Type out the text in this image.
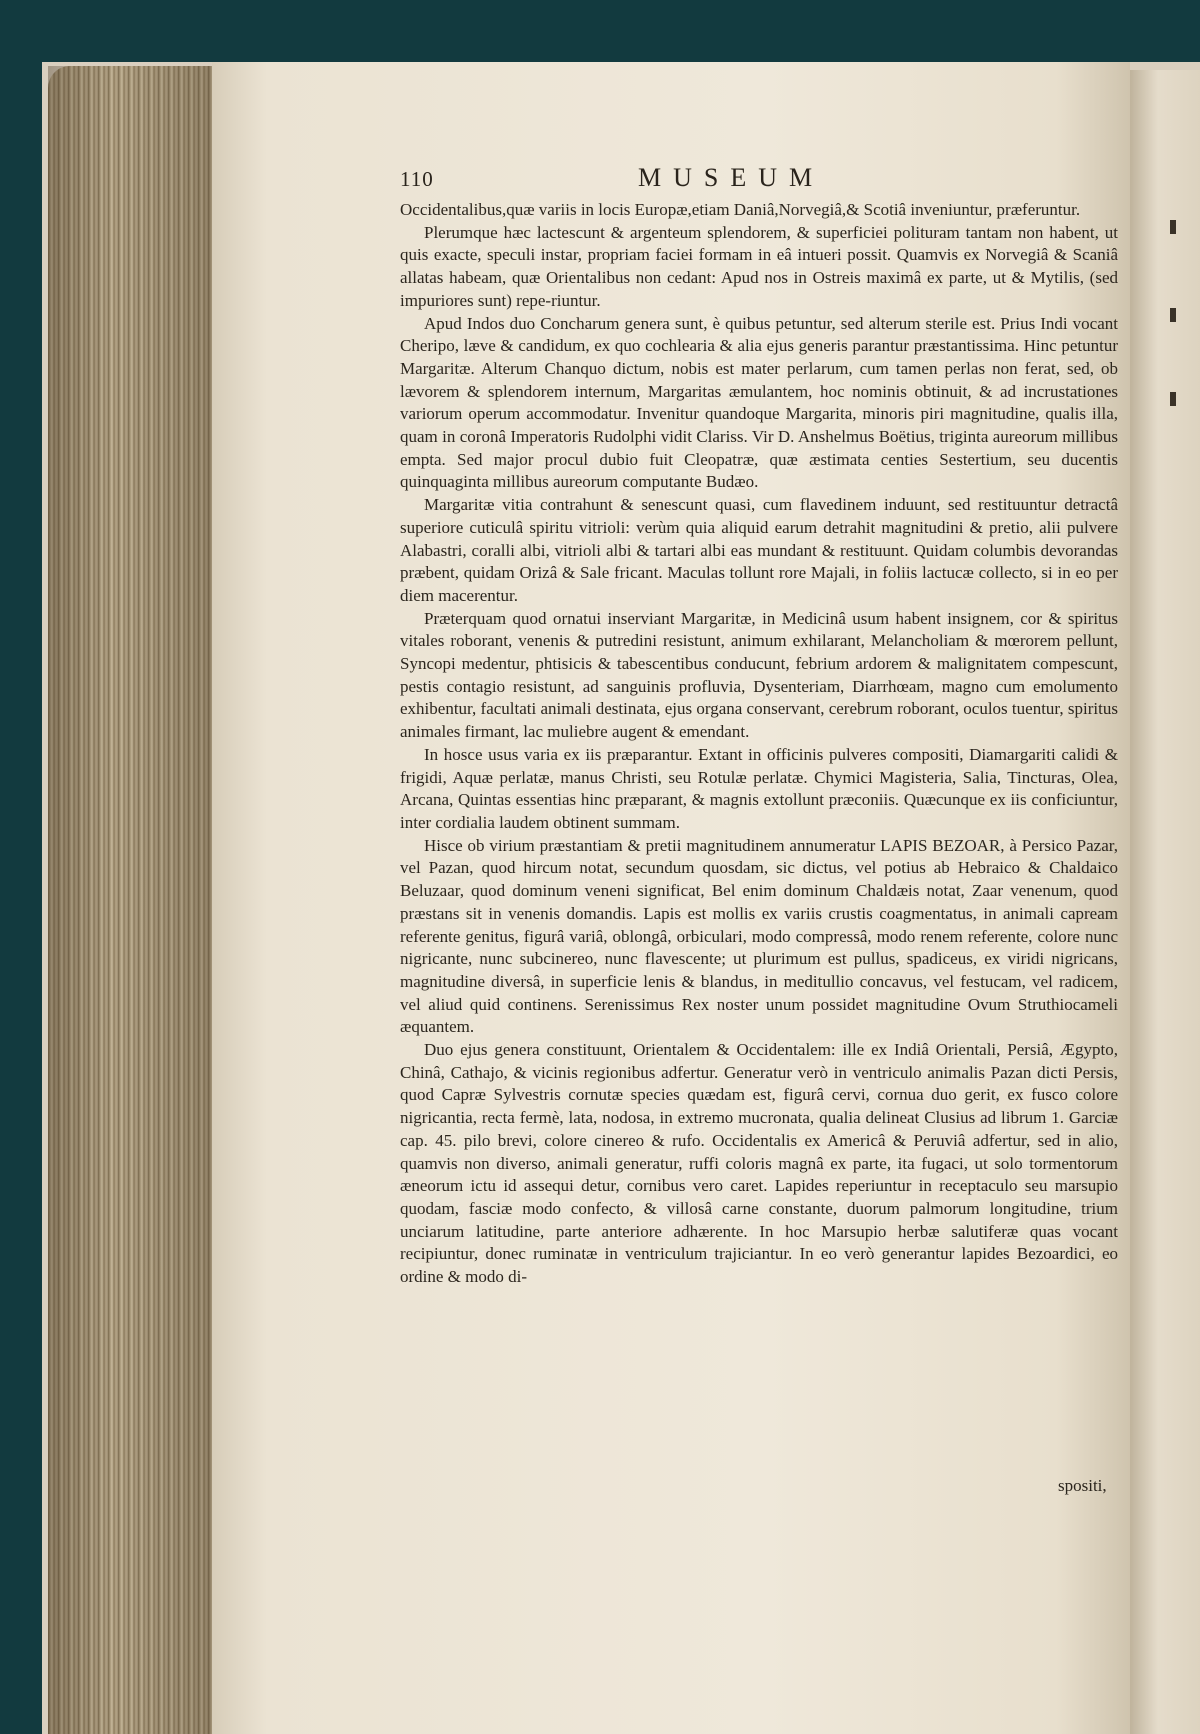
110	MUSEUM

Occidentalibus,quæ variis in locis Europæ,etiam Daniâ,Norvegiâ,& Scotiâ inveniuntur, præferuntur.

Plerumque hæc lactescunt & argenteum splendorem, & superficiei polituram tantam non habent, ut quis exacte, speculi instar, propriam faciei formam in eâ intueri possit. Quamvis ex Norvegiâ & Scaniâ allatas habeam, quæ Orientalibus non cedant: Apud nos in Ostreis maximâ ex parte, ut & Mytilis, (sed impuriores sunt) repe-riuntur.

Apud Indos duo Concharum genera sunt, è quibus petuntur, sed alterum sterile est. Prius Indi vocant Cheripo, læve & candidum, ex quo cochlearia & alia ejus generis parantur præstantissima. Hinc petuntur Margaritæ. Alterum Chanquo dictum, nobis est mater perlarum, cum tamen perlas non ferat, sed, ob lævorem & splendorem internum, Margaritas æmulantem, hoc nominis obtinuit, & ad incrustationes variorum operum accommodatur. Invenitur quandoque Margarita, minoris piri magnitudine, qualis illa, quam in coronâ Imperatoris Rudolphi vidit Clariss. Vir D. Anshelmus Boëtius, triginta aureorum millibus empta. Sed major procul dubio fuit Cleopatræ, quæ æstimata centies Sestertium, seu ducentis quinquaginta millibus aureorum computante Budæo.

Margaritæ vitia contrahunt & senescunt quasi, cum flavedinem induunt, sed restituuntur detractâ superiore cuticulâ spiritu vitrioli: verùm quia aliquid earum detrahit magnitudini & pretio, alii pulvere Alabastri, coralli albi, vitrioli albi & tartari albi eas mundant & restituunt. Quidam columbis devorandas præbent, quidam Orizâ & Sale fricant. Maculas tollunt rore Majali, in foliis lactucæ collecto, si in eo per diem macerentur.

Præterquam quod ornatui inserviant Margaritæ, in Medicinâ usum habent insignem, cor & spiritus vitales roborant, venenis & putredini resistunt, animum exhilarant, Melancholiam & mœrorem pellunt, Syncopi medentur, phtisicis & tabescentibus conducunt, febrium ardorem & malignitatem compescunt, pestis contagio resistunt, ad sanguinis profluvia, Dysenteriam, Diarrhœam, magno cum emolumento exhibentur, facultati animali destinata, ejus organa conservant, cerebrum roborant, oculos tuentur, spiritus animales firmant, lac muliebre augent & emendant.

In hosce usus varia ex iis præparantur. Extant in officinis pulveres compositi, Diamargariti calidi & frigidi, Aquæ perlatæ, manus Christi, seu Rotulæ perlatæ. Chymici Magisteria, Salia, Tincturas, Olea, Arcana, Quintas essentias hinc præparant, & magnis extollunt præconiis. Quæcunque ex iis conficiuntur, inter cordialia laudem obtinent summam.

Hisce ob virium præstantiam & pretii magnitudinem annumeratur LAPIS BEZOAR, à Persico Pazar, vel Pazan, quod hircum notat, secundum quosdam, sic dictus, vel potius ab Hebraico & Chaldaico Beluzaar, quod dominum veneni significat, Bel enim dominum Chaldæis notat, Zaar venenum, quod præstans sit in venenis domandis. Lapis est mollis ex variis crustis coagmentatus, in animali capream referente genitus, figurâ variâ, oblongâ, orbiculari, modo compressâ, modo renem referente, colore nunc nigricante, nunc subcinereo, nunc flavescente; ut plurimum est pullus, spadiceus, ex viridi nigricans, magnitudine diversâ, in superficie lenis & blandus, in meditullio concavus, vel festucam, vel radicem, vel aliud quid continens. Serenissimus Rex noster unum possidet magnitudine Ovum Struthiocameli æquantem.

Duo ejus genera constituunt, Orientalem & Occidentalem: ille ex Indiâ Orientali, Persiâ, Ægypto, Chinâ, Cathajo, & vicinis regionibus adfertur. Generatur verò in ventriculo animalis Pazan dicti Persis, quod Capræ Sylvestris cornutæ species quædam est, figurâ cervi, cornua duo gerit, ex fusco colore nigricantia, recta fermè, lata, nodosa, in extremo mucronata, qualia delineat Clusius ad librum 1. Garciæ cap. 45. pilo brevi, colore cinereo & rufo. Occidentalis ex Americâ & Peruviâ adfertur, sed in alio, quamvis non diverso, animali generatur, ruffi coloris magnâ ex parte, ita fugaci, ut solo tormentorum æneorum ictu id assequi detur, cornibus vero caret. Lapides reperiuntur in receptaculo seu marsupio quodam, fasciæ modo confecto, & villosâ carne constante, duorum palmorum longitudine, trium unciarum latitudine, parte anteriore adhærente. In hoc Marsupio herbæ salutiferæ quas vocant recipiuntur, donec ruminatæ in ventriculum trajiciantur. In eo verò generantur lapides Bezoardici, eo ordine & modo di-

spositi,
